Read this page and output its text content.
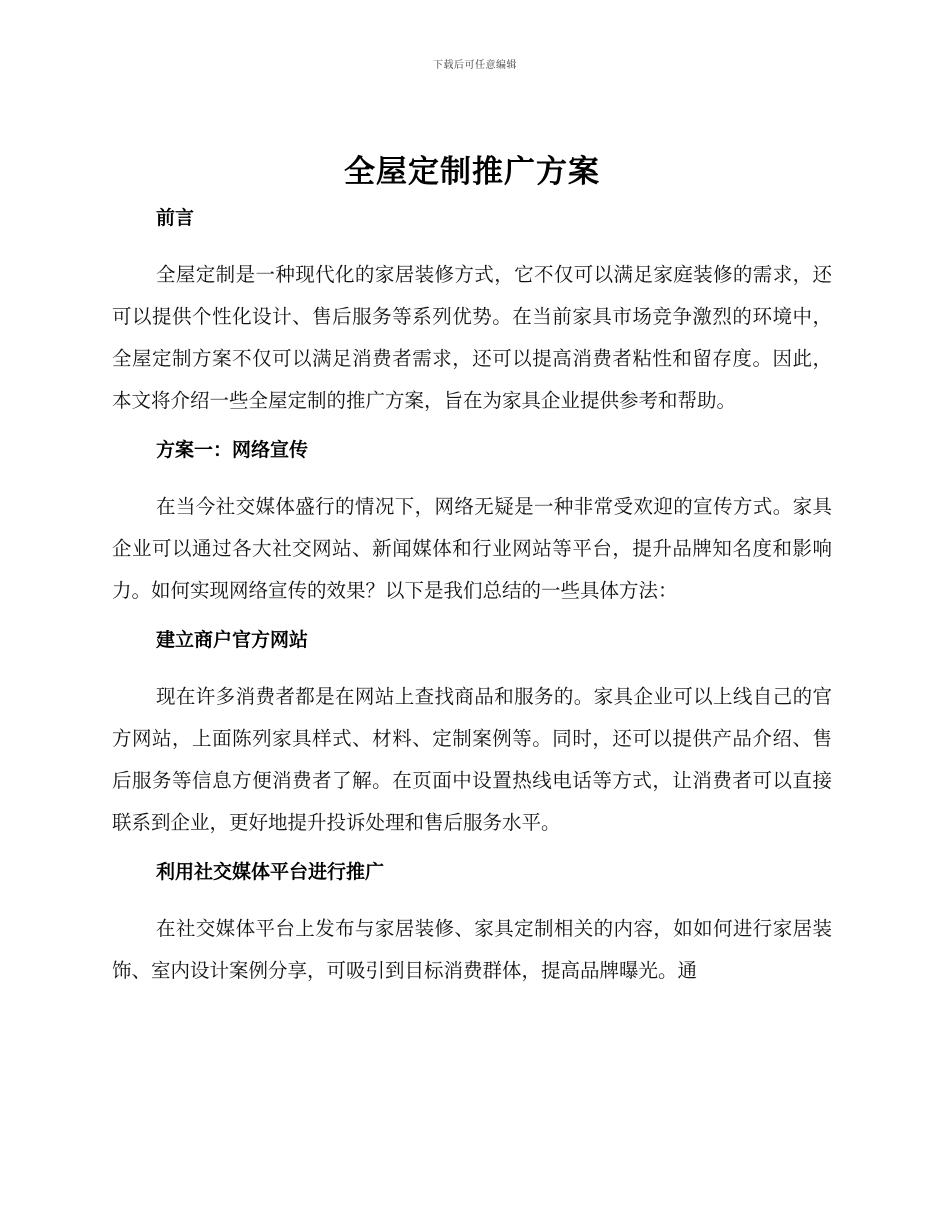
下载后可任意编辑
全屋定制推广方案
前言

全屋定制是一种现代化的家居装修方式，它不仅可以满足家庭装修的需求，还可以提供个性化设计、售后服务等系列优势。在当前家具市场竞争激烈的环境中，全屋定制方案不仅可以满足消费者需求，还可以提高消费者粘性和留存度。因此，本文将介绍一些全屋定制的推广方案，旨在为家具企业提供参考和帮助。

方案一：网络宣传

在当今社交媒体盛行的情况下，网络无疑是一种非常受欢迎的宣传方式。家具企业可以通过各大社交网站、新闻媒体和行业网站等平台，提升品牌知名度和影响力。如何实现网络宣传的效果？以下是我们总结的一些具体方法：

建立商户官方网站

现在许多消费者都是在网站上查找商品和服务的。家具企业可以上线自己的官方网站，上面陈列家具样式、材料、定制案例等。同时，还可以提供产品介绍、售后服务等信息方便消费者了解。在页面中设置热线电话等方式，让消费者可以直接联系到企业，更好地提升投诉处理和售后服务水平。

利用社交媒体平台进行推广

在社交媒体平台上发布与家居装修、家具定制相关的内容，如如何进行家居装饰、室内设计案例分享，可吸引到目标消费群体，提高品牌曝光。通
